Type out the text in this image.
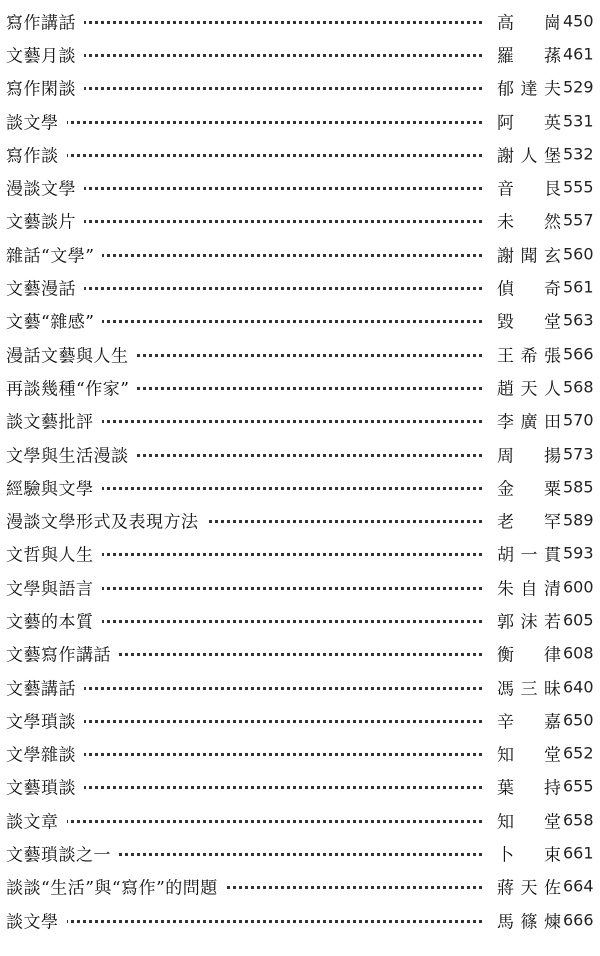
寫作講話	高 崗 450
文藝月談	羅 蓀 461
寫作閑談	郁達夫 529
談文學	阿 英 531
寫作談	謝人堡 532
漫談文學	音 艮 555
文藝談片	未 然 557
雜話“文學”	謝聞玄 560
文藝漫話	偵 奇 561
文藝“雜感”	毀 堂 563
漫話文藝與人生	王希張 566
再談幾種“作家”	趙天人 568
談文藝批評	李廣田 570
文學與生活漫談	周 揚 573
經驗與文學	金 粟 585
漫談文學形式及表現方法	老 罕 589
文哲與人生	胡一貫 593
文學與語言	朱自清 600
文藝的本質	郭沫若 605
文藝寫作講話	衡 律 608
文藝講話	馮三昧 640
文學瑣談	辛 嘉 650
文學雜談	知 堂 652
文藝瑣談	葉 持 655
談文章	知 堂 658
文藝瑣談之一	卜 束 661
談談“生活”與“寫作”的問題	蔣天佐 664
談文學	馬篠煉 666
